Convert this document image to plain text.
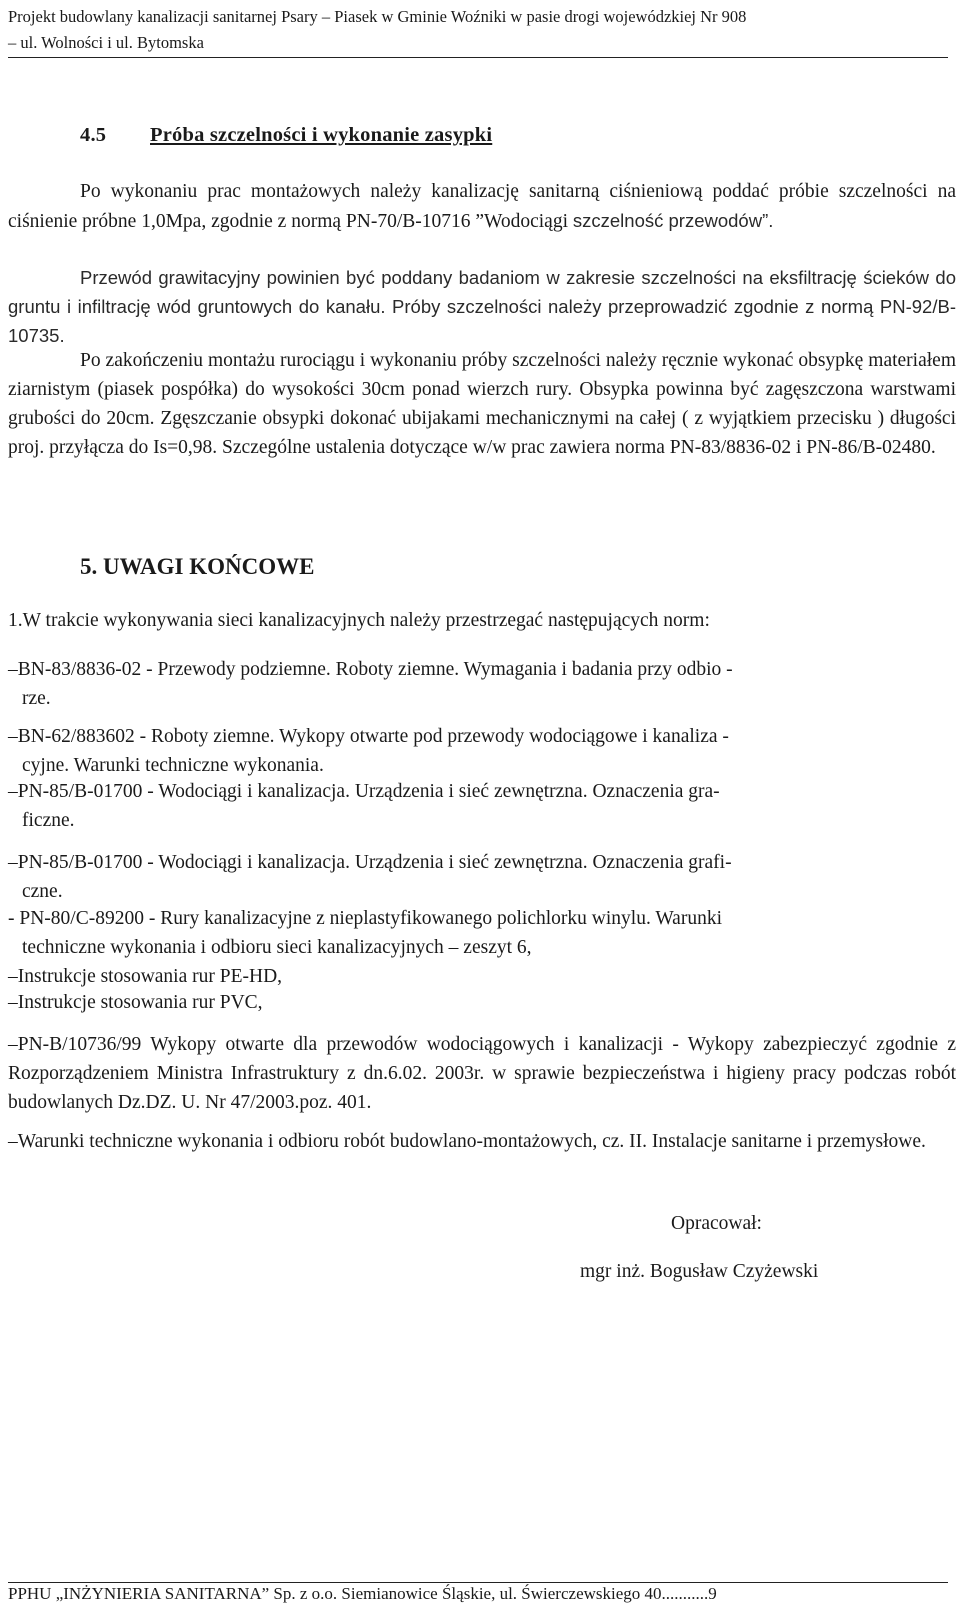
Projekt budowlany kanalizacji sanitarnej Psary – Piasek w Gminie Woźniki w pasie drogi wojewódzkiej Nr 908
– ul. Wolności i ul. Bytomska
4.5 Próba szczelności i wykonanie zasypki
Po wykonaniu prac montażowych należy kanalizację sanitarną ciśnieniową poddać próbie szczelności na ciśnienie próbne 1,0Mpa, zgodnie z normą PN-70/B-10716 ”Wodociągi szczelność przewodów”.
Przewód grawitacyjny powinien być poddany badaniom w zakresie szczelności na eksfiltrację ścieków do gruntu i infiltrację wód gruntowych do kanału. Próby szczelności należy przeprowadzić zgodnie z normą PN-92/B-10735.
Po zakończeniu montażu rurociągu i wykonaniu próby szczelności należy ręcznie wykonać obsypkę materiałem ziarnistym (piasek pospółka) do wysokości 30cm ponad wierzch rury. Obsypka powinna być zagęszczona warstwami grubości do 20cm. Zgęszczanie obsypki dokonać ubijakami mechanicznymi na całej ( z wyjątkiem przecisku ) długości proj. przyłącza do Is=0,98. Szczególne ustalenia dotyczące w/w prac zawiera norma PN-83/8836-02 i PN-86/B-02480.
5. UWAGI KOŃCOWE
1.W trakcie wykonywania sieci kanalizacyjnych należy przestrzegać następujących norm:
–BN-83/8836-02 - Przewody podziemne. Roboty ziemne. Wymagania i badania przy odbio -
rze.
–BN-62/883602 - Roboty ziemne. Wykopy otwarte pod przewody wodociągowe i kanaliza -
cyjne. Warunki techniczne wykonania.
–PN-85/B-01700 - Wodociągi i kanalizacja. Urządzenia i sieć zewnętrzna. Oznaczenia gra-
ficzne.
–PN-85/B-01700 - Wodociągi i kanalizacja. Urządzenia i sieć zewnętrzna. Oznaczenia grafi-
czne.
- PN-80/C-89200 - Rury kanalizacyjne z nieplastyfikowanego polichlorku winylu. Warunki
techniczne wykonania i odbioru sieci kanalizacyjnych – zeszyt 6,
–Instrukcje stosowania rur PE-HD,
–Instrukcje stosowania rur PVC,
–PN-B/10736/99 Wykopy otwarte dla przewodów wodociągowych i kanalizacji - Wykopy zabezpieczyć zgodnie z Rozporządzeniem Ministra Infrastruktury z dn.6.02. 2003r. w sprawie bezpieczeństwa i higieny pracy podczas robót budowlanych Dz.DZ. U. Nr 47/2003.poz. 401.
–Warunki techniczne wykonania i odbioru robót budowlano-montażowych, cz. II. Instalacje sanitarne i przemysłowe.
Opracował:
mgr inż. Bogusław Czyżewski
PPHU „INŻYNIERIA SANITARNA” Sp. z o.o. Siemianowice Śląskie, ul. Świerczewskiego 40...........9
